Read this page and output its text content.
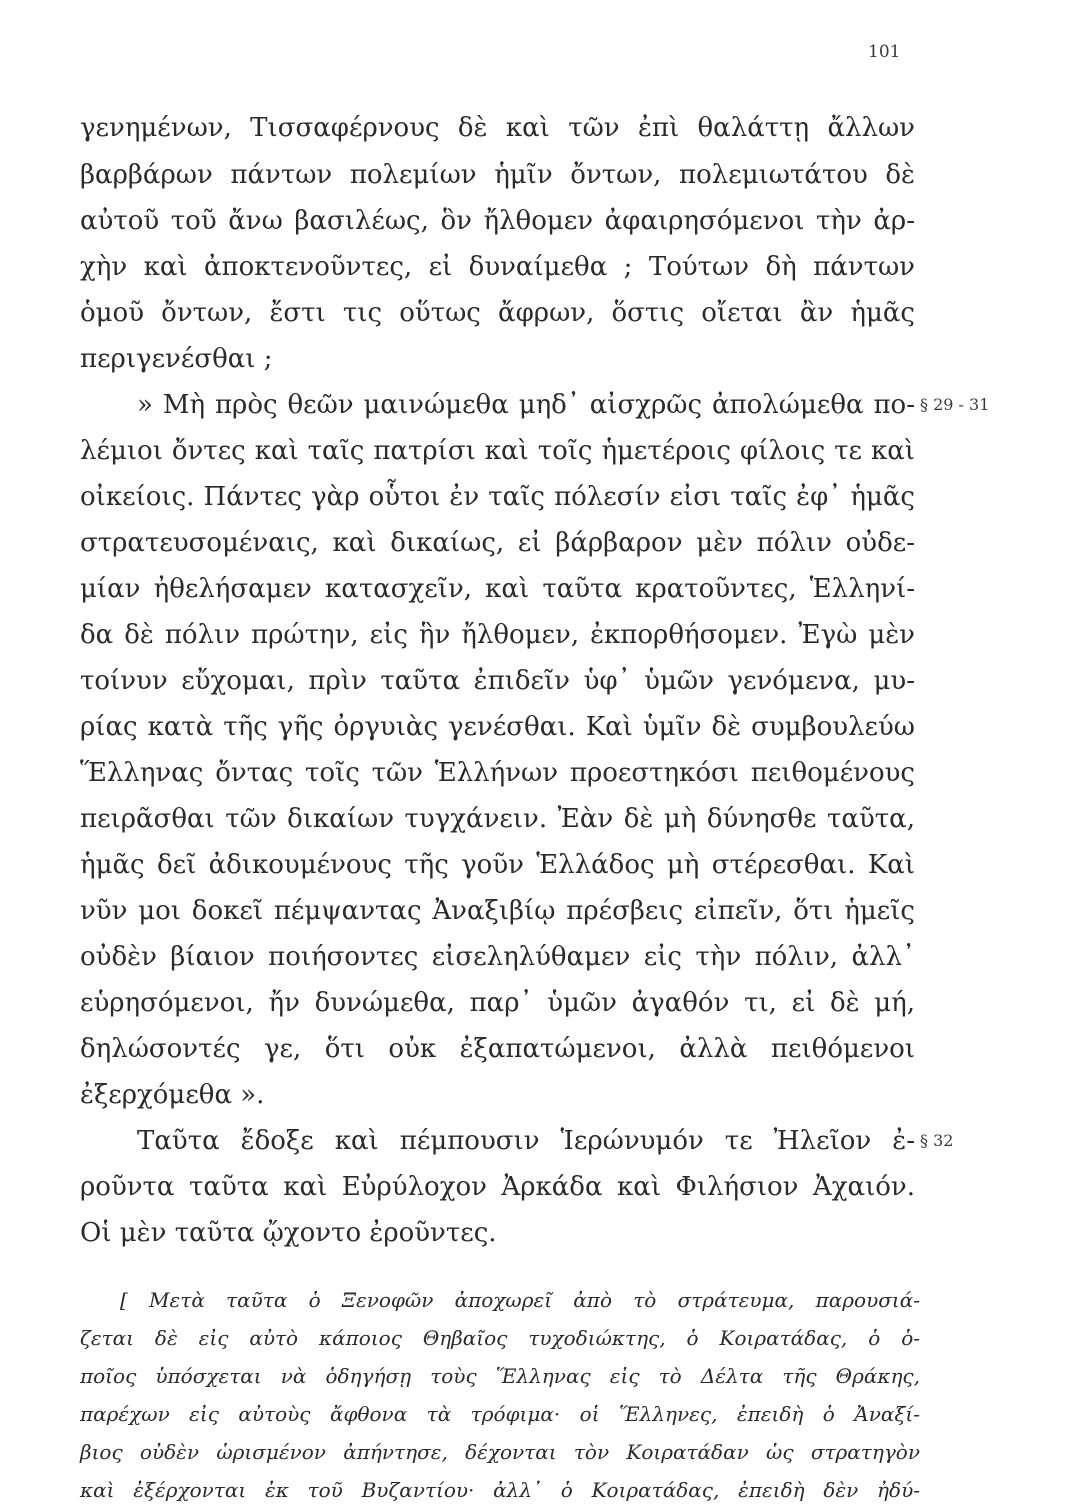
101
γενημένων, Τισσαφέρνους δὲ καὶ τῶν ἐπὶ θαλάττῃ ἄλλων
βαρβάρων πάντων πολεμίων ἡμῖν ὄντων, πολεμιωτάτου δὲ
αὐτοῦ τοῦ ἄνω βασιλέως, ὃν ἤλθομεν ἀφαιρησόμενοι τὴν ἀρ-
χὴν καὶ ἀποκτενοῦντες, εἰ δυναίμεθα ; Τούτων δὴ πάντων
ὁμοῦ ὄντων, ἔστι τις οὕτως ἄφρων, ὅστις οἴεται ἂν ἡμᾶς
περιγενέσθαι ;
» Μὴ πρὸς θεῶν μαινώμεθα μηδ᾽ αἰσχρῶς ἀπολώμεθα πο- § 29 - 31
λέμιοι ὄντες καὶ ταῖς πατρίσι καὶ τοῖς ἡμετέροις φίλοις τε καὶ
οἰκείοις. Πάντες γὰρ οὗτοι ἐν ταῖς πόλεσίν εἰσι ταῖς ἐφ᾽ ἡμᾶς
στρατευσομέναις, καὶ δικαίως, εἰ βάρβαρον μὲν πόλιν οὐδε-
μίαν ἠθελήσαμεν κατασχεῖν, καὶ ταῦτα κρατοῦντες, Ἑλληνί-
δα δὲ πόλιν πρώτην, εἰς ἣν ἤλθομεν, ἐκπορθήσομεν. Ἐγὼ μὲν
τοίνυν εὔχομαι, πρὶν ταῦτα ἐπιδεῖν ὑφ᾽ ὑμῶν γενόμενα, μυ-
ρίας κατὰ τῆς γῆς ὀργυιὰς γενέσθαι. Καὶ ὑμῖν δὲ συμβουλεύω
Ἕλληνας ὄντας τοῖς τῶν Ἑλλήνων προεστηκόσι πειθομένους
πειρᾶσθαι τῶν δικαίων τυγχάνειν. Ἐὰν δὲ μὴ δύνησθε ταῦτα,
ἡμᾶς δεῖ ἀδικουμένους τῆς γοῦν Ἑλλάδος μὴ στέρεσθαι. Καὶ
νῦν μοι δοκεῖ πέμψαντας Ἀναξιβίῳ πρέσβεις εἰπεῖν, ὅτι ἡμεῖς
οὐδὲν βίαιον ποιήσοντες εἰσεληλύθαμεν εἰς τὴν πόλιν, ἀλλ᾽
εὑρησόμενοι, ἤν δυνώμεθα, παρ᾽ ὑμῶν ἀγαθόν τι, εἰ δὲ μή,
δηλώσοντές γε, ὅτι οὐκ ἐξαπατώμενοι, ἀλλὰ πειθόμενοι
ἐξερχόμεθα ».
Ταῦτα ἔδοξε καὶ πέμπουσιν Ἱερώνυμόν τε Ἠλεῖον ἐ- § 32
ροῦντα ταῦτα καὶ Εὐρύλοχον Ἀρκάδα καὶ Φιλήσιον Ἀχαιόν.
Οἱ μὲν ταῦτα ᾤχοντο ἐροῦντες.
[ Μετὰ ταῦτα ὁ Ξενοφῶν ἀποχωρεῖ ἀπὸ τὸ στράτευμα, παρουσιά-
ζεται δὲ εἰς αὐτὸ κάποιος Θηβαῖος τυχοδιώκτης, ὁ Κοιρατάδας, ὁ ὁ-
ποῖος ὑπόσχεται νὰ ὁδηγήσῃ τοὺς Ἕλληνας εἰς τὸ Δέλτα τῆς Θράκης,
παρέχων εἰς αὐτοὺς ἄφθονα τὰ τρόφιμα· οἱ Ἕλληνες, ἐπειδὴ ὁ Ἀναξί-
βιος οὐδὲν ὡρισμένον ἀπήντησε, δέχονται τὸν Κοιρατάδαν ὡς στρατηγὸν
καὶ ἐξέρχονται ἐκ τοῦ Βυζαντίου· ἀλλ᾽ ὁ Κοιρατάδας, ἐπειδὴ δὲν ἠδύ-
